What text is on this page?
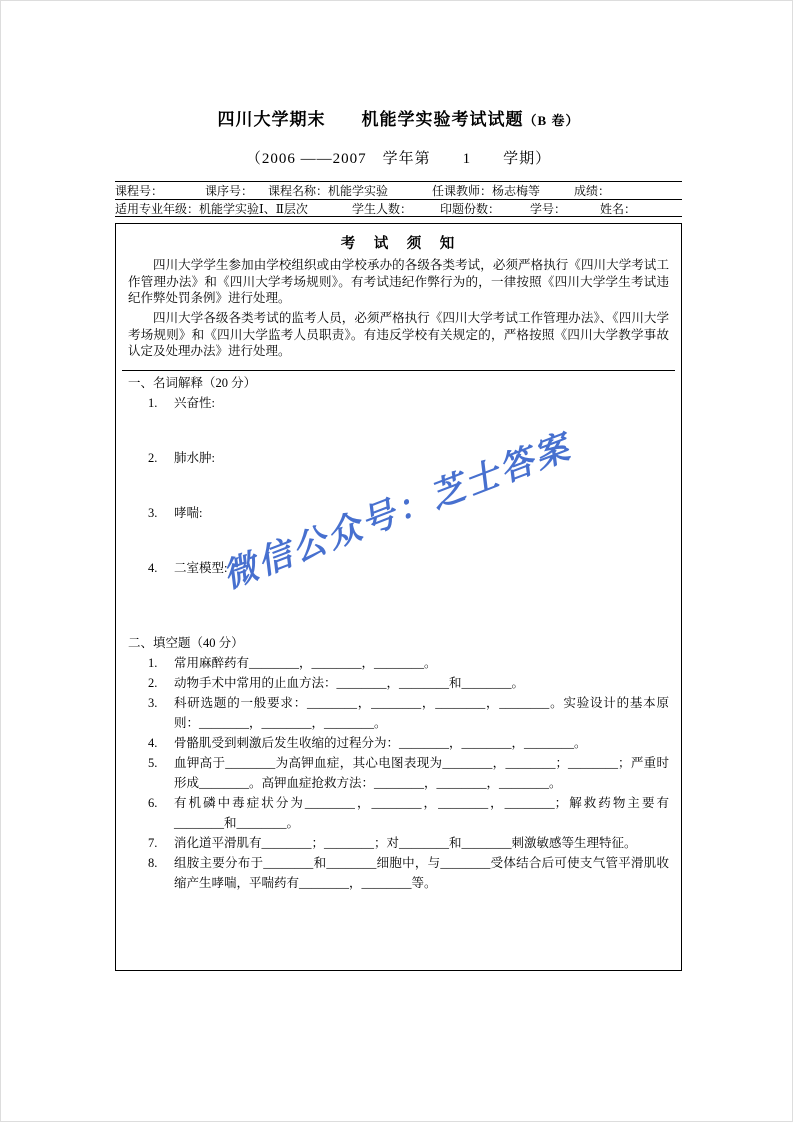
四川大学期末　　机能学实验考试试题（B 卷）
（2006 ——2007　学年第　　1　　学期）
课程号：	课序号：	课程名称：机能学实验	任课教师：杨志梅等	成绩：
适用专业年级：机能学实验Ⅰ、Ⅱ层次	学生人数：	印题份数：	学号：	姓名：
考　试　须　知

四川大学学生参加由学校组织或由学校承办的各级各类考试，必须严格执行《四川大学考试工作管理办法》和《四川大学考场规则》。有考试违纪作弊行为的，一律按照《四川大学学生考试违纪作弊处罚条例》进行处理。

四川大学各级各类考试的监考人员，必须严格执行《四川大学考试工作管理办法》、《四川大学考场规则》和《四川大学监考人员职责》。有违反学校有关规定的，严格按照《四川大学教学事故认定及处理办法》进行处理。

一、名词解释（20 分）
1.	兴奋性:
2.	肺水肿:
3.	哮喘:
4.	二室模型:
二、填空题（40 分）
1.	常用麻醉药有________，________，________。
2.	动物手术中常用的止血方法：________，________和________。
3.	科研选题的一般要求：________，________，________，________。实验设计的基本原则：________，________，________。
4.	骨骼肌受到刺激后发生收缩的过程分为：________，________，________。
5.	血钾高于________为高钾血症，其心电图表现为________，________；________；严重时形成________。高钾血症抢救方法：________，________，________。
6.	有机磷中毒症状分为________，________，________，________；解救药物主要有________和________。
7.	消化道平滑肌有________；________；对________和________刺激敏感等生理特征。
8.	组胺主要分布于________和________细胞中，与________受体结合后可使支气管平滑肌收缩产生哮喘，平喘药有________，________等。
微信公众号：芝士答案
